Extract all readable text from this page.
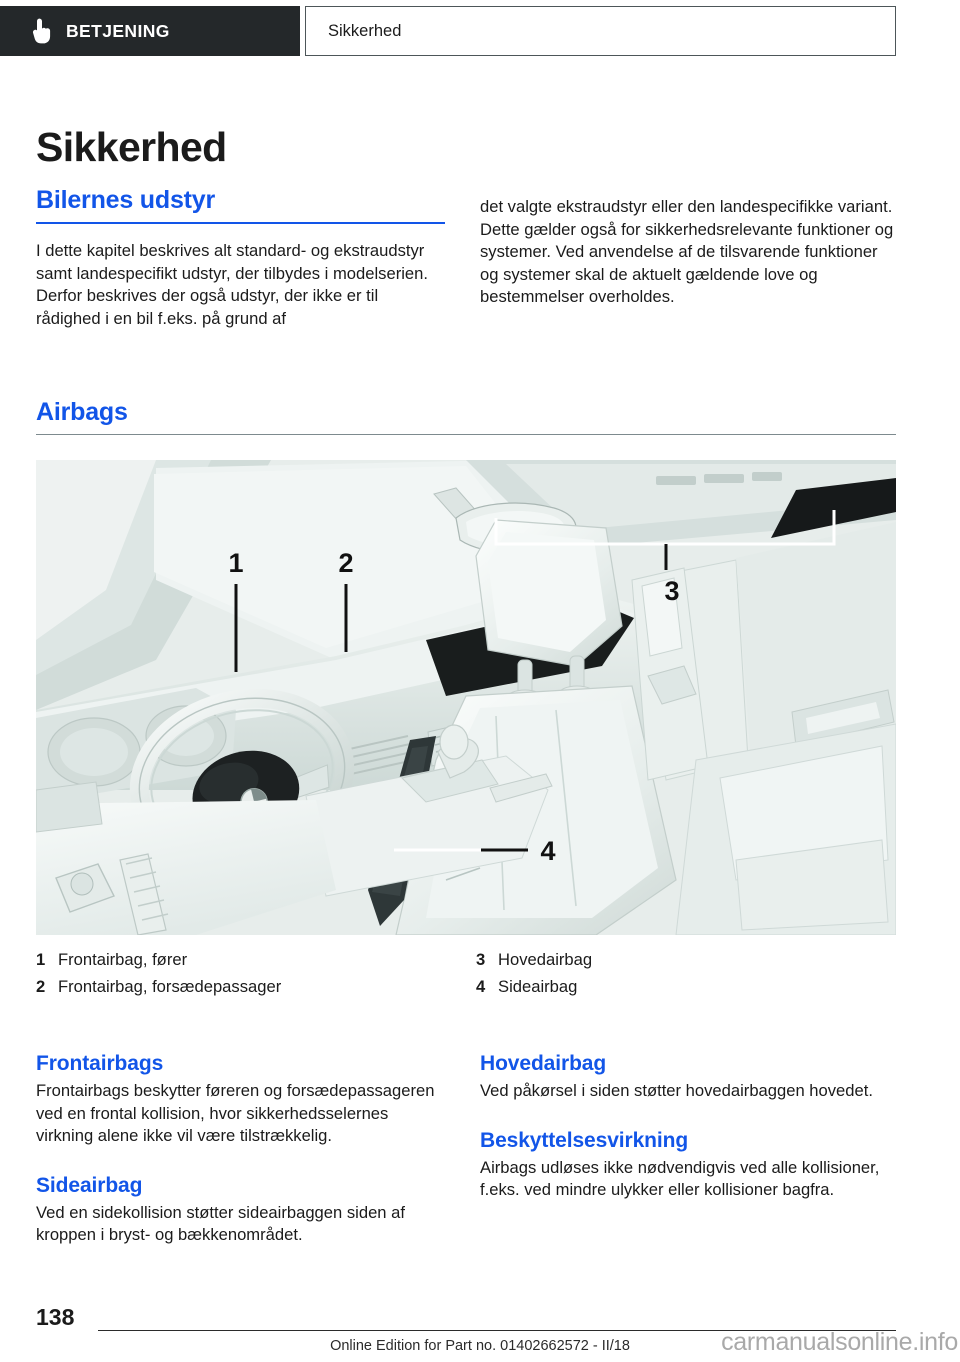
BETJENING	Sikkerhed
Sikkerhed
Bilernes udstyr

I dette kapitel beskrives alt standard- og ekstraudstyr samt landespecifikt udstyr, der tilbydes i modelserien. Derfor beskrives der også udstyr, der ikke er til rådighed i en bil f.eks. på grund af

det valgte ekstraudstyr eller den landespecifikke variant. Dette gælder også for sikkerhedsrelevante funktioner og systemer. Ved anvendelse af de tilsvarende funktioner og systemer skal de aktuelt gældende love og bestemmelser overholdes.

Airbags
1	2
3
4
1 Frontairbag, fører
2 Frontairbag, forsædepassager
3 Hovedairbag
4 Sideairbag
Frontairbags

Frontairbags beskytter føreren og forsædepassageren ved en frontal kollision, hvor sikkerhedsselernes virkning alene ikke vil være tilstrækkelig.

Sideairbag

Ved en sidekollision støtter sideairbaggen siden af kroppen i bryst- og bækkenområdet.

Hovedairbag

Ved påkørsel i siden støtter hovedairbaggen hovedet.

Beskyttelsesvirkning

Airbags udløses ikke nødvendigvis ved alle kollisioner, f.eks. ved mindre ulykker eller kollisioner bagfra.

138
Online Edition for Part no. 01402662572 - II/18	carmanualsonline.info
